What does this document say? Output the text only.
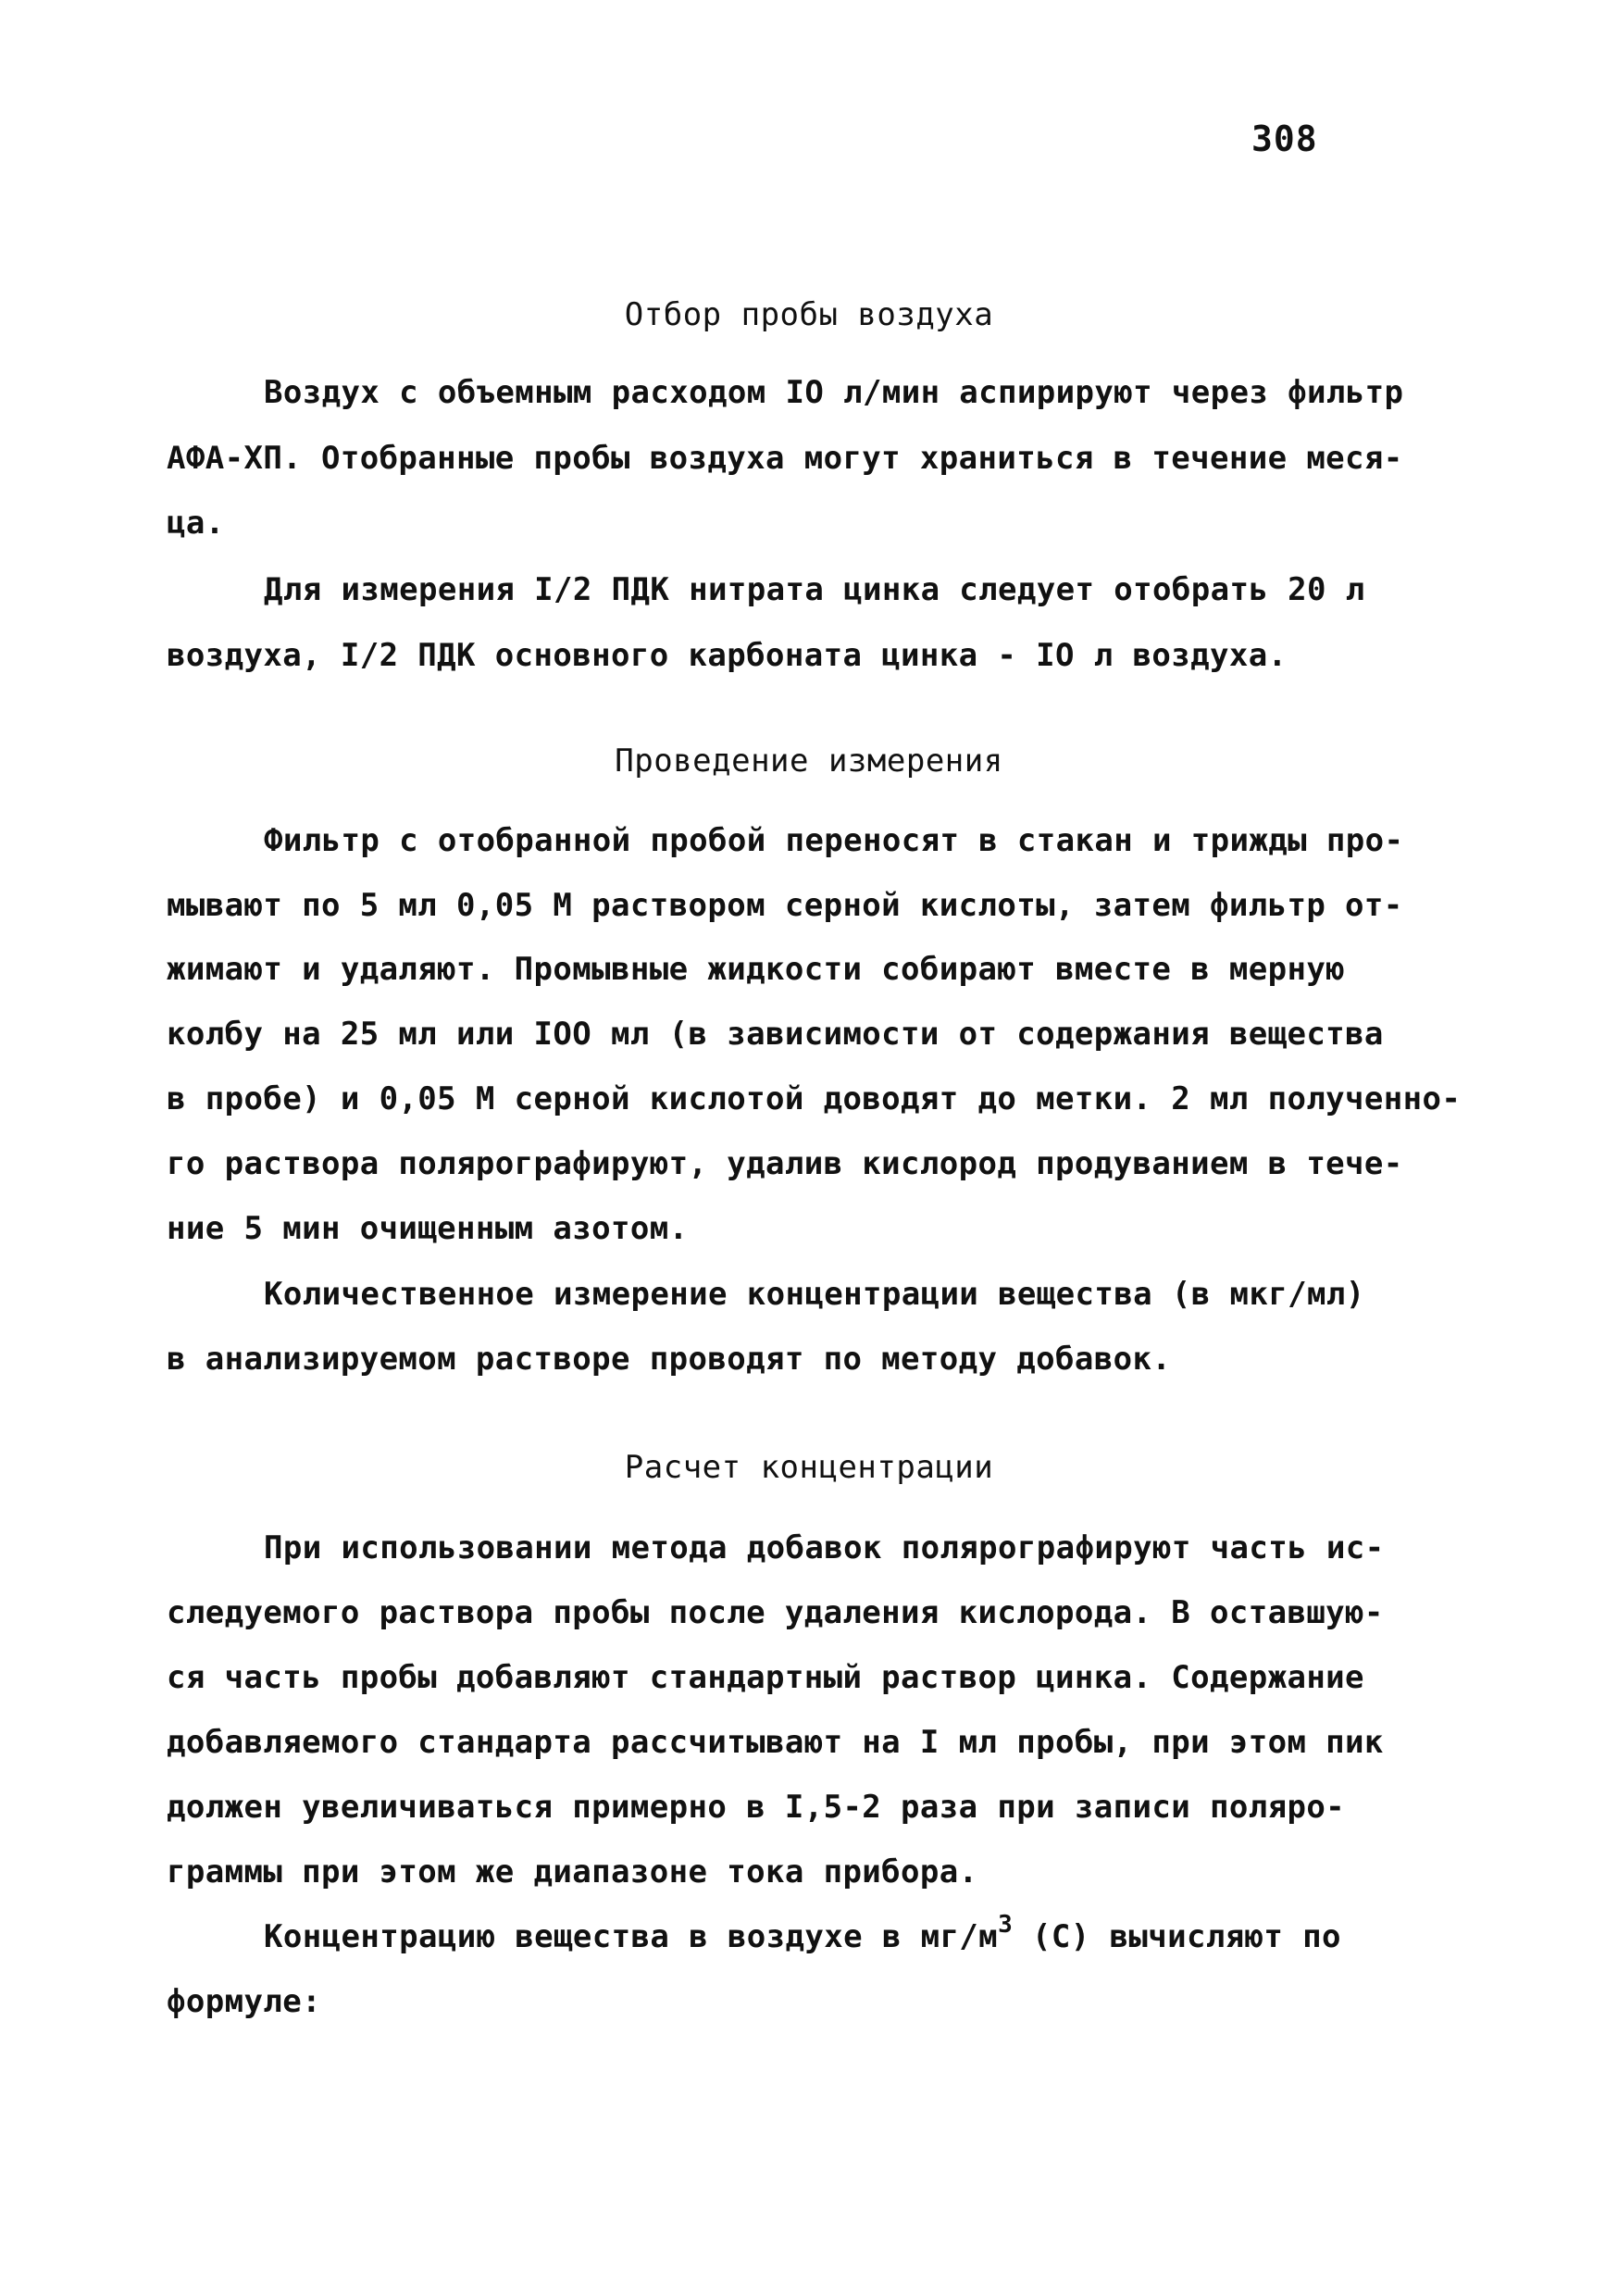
308
Отбор пробы воздуха
Воздух с объемным расходом IO л/мин аспирируют через фильтр
АФА-ХП. Отобранные пробы воздуха могут храниться в течение меся-
ца.
Для измерения I/2 ПДК нитрата цинка следует отобрать 20 л
воздуха, I/2 ПДК основного карбоната цинка - IO л воздуха.
Проведение измерения
Фильтр с отобранной пробой переносят в стакан и трижды про-
мывают по 5 мл 0,05 М раствором серной кислоты, затем фильтр от-
жимают и удаляют. Промывные жидкости собирают вместе в мерную
колбу на 25 мл или IOO мл (в зависимости от содержания вещества
в пробе) и 0,05 М серной кислотой доводят до метки. 2 мл полученно-
го раствора полярографируют, удалив кислород продуванием в тече-
ние 5 мин очищенным азотом.
Количественное измерение концентрации вещества (в мкг/мл)
в анализируемом растворе проводят по методу добавок.
Расчет концентрации
При использовании метода добавок полярографируют часть ис-
следуемого раствора пробы после удаления кислорода. В оставшую-
ся часть пробы добавляют стандартный раствор цинка. Содержание
добавляемого стандарта рассчитывают на I мл пробы, при этом пик
должен увеличиваться примерно в I,5-2 раза при записи поляро-
граммы при этом же диапазоне тока прибора.
Концентрацию вещества в воздухе в $мг/м^3$ (С) вычисляют по
формуле:
